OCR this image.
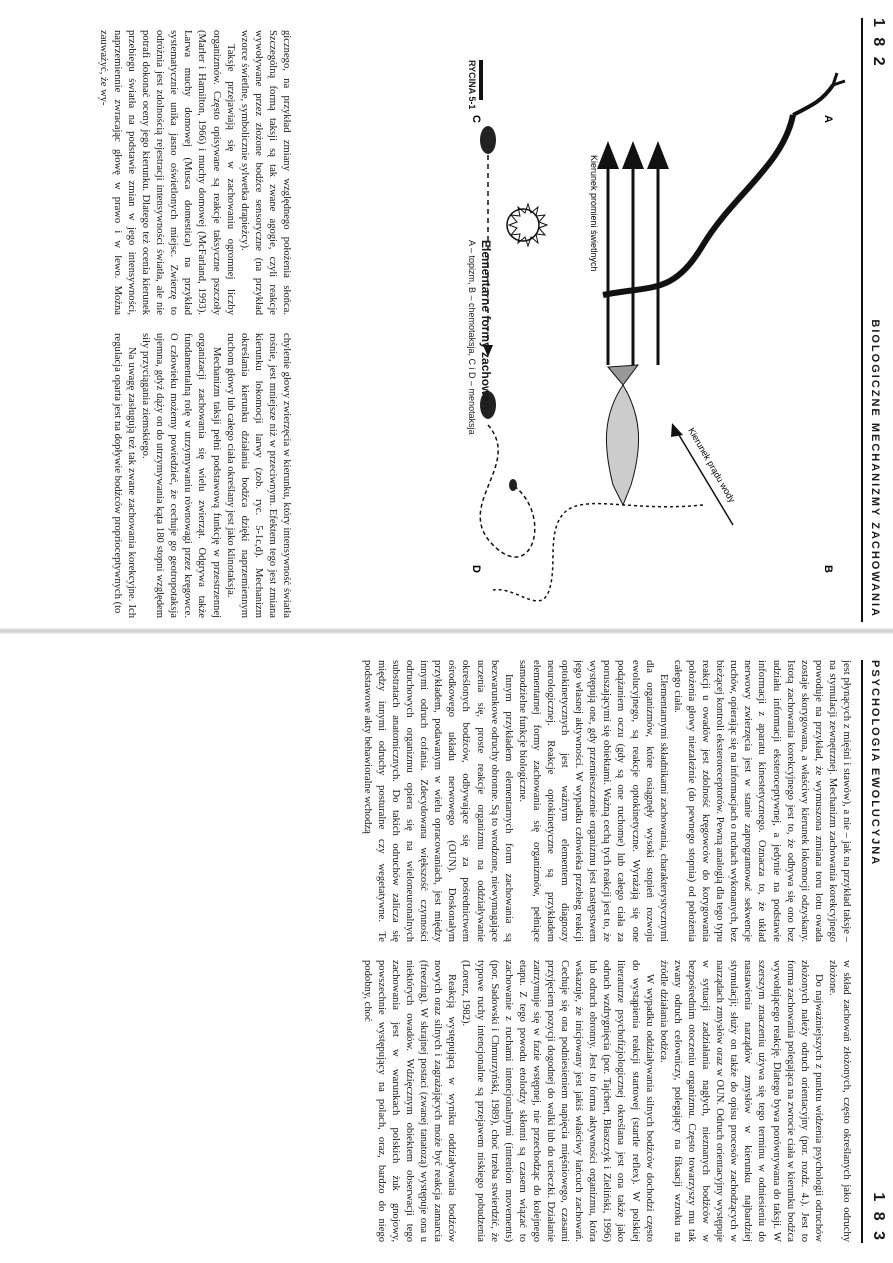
1 8 2
BIOLOGICZNE MECHANIZMY ZACHOWANIA
Kierunek promieni świetlnych
A
Kierunek prądu wody
B
C
D
RYCINA 5-1
Elementarne formy zachowań
A – topizm, B – chemotaksja, C i D – menotaksja

gicznego, na przykład zmiany względnego położenia słońca. Szczególną formą taksji są tak zwane agogie, czyli reakcje wywoływane przez złożone bodźce sensoryczne (na przykład wzorce świetlne, symbolicznie sylwetka drapieżcy).

Taksje przejawiają się w zachowaniu ogromnej liczby organizmów. Często opisywane są reakcje taksyczne pszczoły (Marler i Hamilton, 1966) i muchy domowej (McFarland, 1993). Larwa muchy domowej (Musca domestica) na przykład systematycznie unika jasno oświetlonych miejsc. Zwierzę to odróżnia jest zdolnością rejestracji intensywności światła, ale nie potrafi dokonać oceny jego kierunku. Dlatego też ocenia kierunek przebiegu światła na podstawie zmian w jego intensywności, naprzemiennie zwracając głowę w prawo i w lewo. Można zauważyć, że wy-

chylenie głowy zwierzęcia w kierunku, który intensywność światła rośnie, jest mniejsze niż w przeciwnym. Efektem tego jest zmiana kierunku lokomocji larwy (zob. ryc. 5-1c,d). Mechanizm określania kierunku działania bodźca dzięki naprzemiennym ruchom głowy lub całego ciała określany jest jako klinotaksja.

Mechanizm taksji pełni podstawową funkcję w przestrzennej organizacji zachowania się wielu zwierząt. Odgrywa także fundamentalną rolę w utrzymywaniu równowagi przez kręgowce. O człowieku możemy powiedzieć, że cechuje go geotropotaksja ujemna, gdyż dąży on do utrzymywania kąta 180 stopni względem siły przyciągania ziemskiego.

Na uwagę zasługują też tak zwane zachowania korekcyjne. Ich regulacja oparta jest na dopływie bodźców proprioceptywnych (to

PSYCHOLOGIA EWOLUCYJNA
1 8 3

jest płynących z mięśni i stawów), a nie – jak na przykład taksje – na stymulacji zewnętrznej. Mechanizm zachowania korekcyjnego powoduje na przykład, że wymuszona zmiana toru lotu owada zostaje skorygowana, a właściwy kierunek lokomocji odzyskany. Istotą zachowania korekcyjnego jest to, że odbywa się ono bez udziału informacji eksteroceptywnej, a jedynie na podstawie informacji z aparatu kinestetycznego. Oznacza to, że układ nerwowy zwierzęcia jest w stanie zaprogramować sekwencje ruchów, opierając się na informacjach o ruchach wykonanych, bez bieżącej kontroli eksteroreceptorów. Pewną analogią dla tego typu reakcji u owadów jest zdolność kręgowców do korygowania położenia głowy niezależnie (do pewnego stopnia) od położenia całego ciała.

Elementarnymi składnikami zachowania, charakterystycznymi dla organizmów, które osiągnęły wysoki stopień rozwoju ewolucyjnego, są reakcje optokinetyczne. Wyrażają się one podążaniem oczu (gdy są one ruchome) lub całego ciała za poruszającymi się obiektami. Ważną cechą tych reakcji jest to, że występują one, gdy przemieszczenie organizmu jest następstwem jego własnej aktywności. W wypadku człowieka przebieg reakcji optokinetycznych jest ważnym elementem diagnozy neurologicznej. Reakcje optokinetyczne są przykładem elementarnej formy zachowania się organizmów, pełniące samodzielne funkcje biologiczne.

Innym przykładem elementarnych form zachowania są bezwarunkowe odruchy obronne. Są to wrodzone, niewymagające uczenia się, proste reakcje organizmu na oddziaływanie określonych bodźców, odbywające się za pośrednictwem ośrodkowego układu nerwowego (OUN). Doskonałym przykładem, podawanym w wielu opracowaniach, jest między innymi odruch cofania. Zdecydowana większość czynności odruchowych organizmu opiera się na wieloneuronalnych substratach anatomicznych. Do takich odruchów zalicza się między innymi odruchy posturalne czy wegetatywne. Te podstawowe akty behawioralne wchodzą

w skład zachowań złożonych, często określanych jako odruchy złożone.

Do najważniejszych z punktu widzenia psychologii odruchów złożonych należy odruch orientacyjny (por. rozdz. 4.). Jest to forma zachowania polegająca na zwrocie ciała w kierunku bodźca wywołującego reakcję. Dlatego bywa porównywana do taksji. W szerszym znaczeniu używa się tego terminu w odniesieniu do nastawienia narządów zmysłów w kierunku najbardziej stymulacji; służy on także do opisu procesów zachodzących w narządach zmysłów oraz w OUN. Odruch orientacyjny występuje w sytuacji zadziałania nagłych, nieznanych bodźców w bezpośrednim otoczeniu organizmu. Często towarzyszy mu tak zwany odruch celowniczy, polegający na fiksacji wzroku na źródle działania bodźca.

W wypadku oddziaływania silnych bodźców dochodzi często do wystąpienia reakcji startowej (startle reflex). W polskiej literaturze psychofizjologicznej określana jest ona także jako odruch wzdrygnięcia (por. Tajchert, Błaszczyk i Zieliński, 1996) lub odruch obronny. Jest to forma aktywności organizmu, która wskazuje, że inicjowany jest jakiś właściwy łańcuch zachowań. Cechuje się ona podniesieniem napięcia mięśniowego, czasami przyjęciem pozycji dogodnej do walki lub do ucieczki. Działanie zatrzymuje się w fazie wstępnej, nie przechodząc do kolejnego etapu. Z tego powodu etolodzy skłonni są czasem wiązać to zachowanie z ruchami intencjonalnymi (intention movements) (por. Sadowski i Chmurzyński, 1989), choć trzeba stwierdzić, że typowe ruchy intencjonalne są przejawem niskiego pobudzenia (Lorenz, 1982).

Reakcją występującą w wyniku oddziaływania bodźców nowych oraz silnych i zagrażających może być reakcja zamarcia (freezing). W skrajnej postaci (zwanej tanatozą) występuje ona u niektórych owadów. Wdzięcznym obiektem obserwacji tego zachowania jest w warunkach polskich żuk gnojowy, powszechnie występujący na polach, oraz, bardzo do niego podobny, choć
